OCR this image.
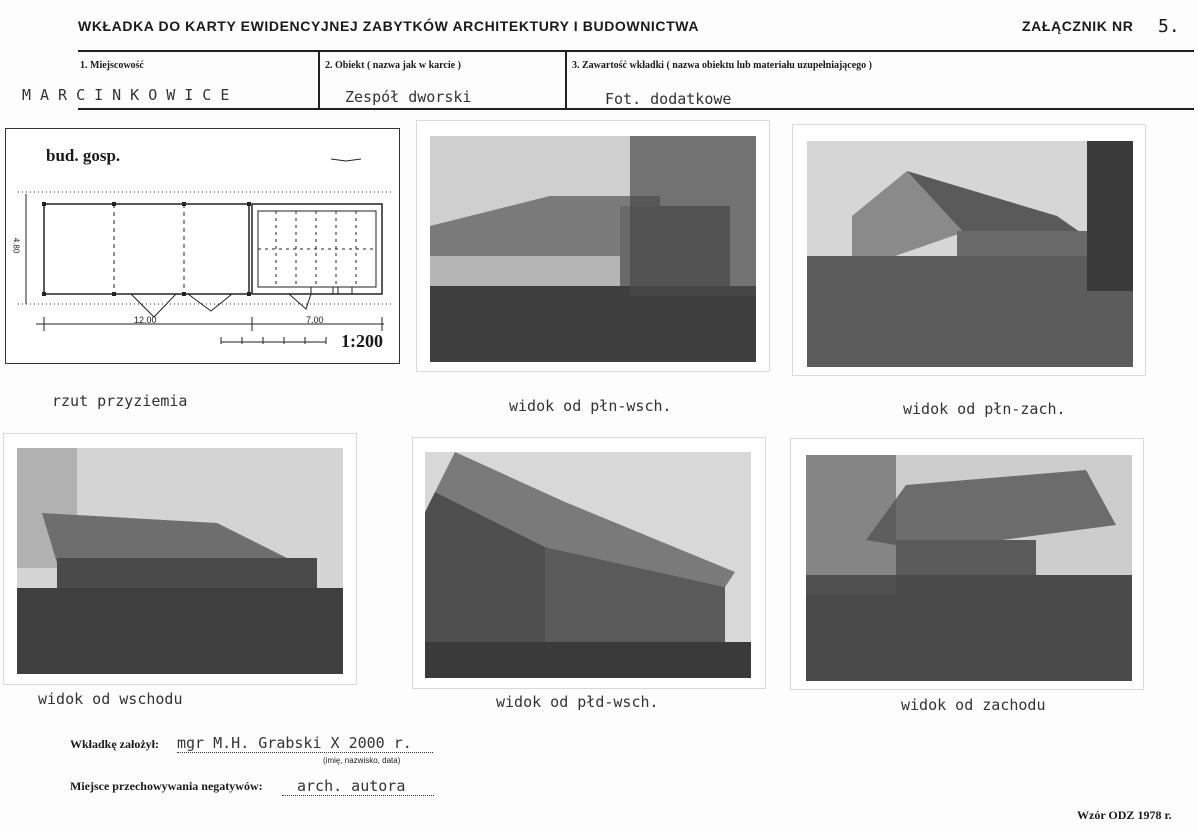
WKŁADKA DO KARTY EWIDENCYJNEJ ZABYTKÓW ARCHITEKTURY I BUDOWNICTWA	ZAŁĄCZNIK NR 5.
1. Miejscowość
MARCINKOWICE
2. Obiekt ( nazwa jak w karcie )
Zespół dworski
3. Zawartość wkładki ( nazwa obiektu lub materiału uzupełniającego )
Fot. dodatkowe
bud. gosp.
4.80
12.00	7.00
1:200
rzut przyziemia	widok od płn-wsch.	widok od płn-zach.
widok od wschodu	widok od płd-wsch.	widok od zachodu
Wkładkę założył: mgr M.H. Grabski X 2000 r.
(imię, nazwisko, data)
Miejsce przechowywania negatywów:	arch. autora
Wzór ODZ 1978 r.
